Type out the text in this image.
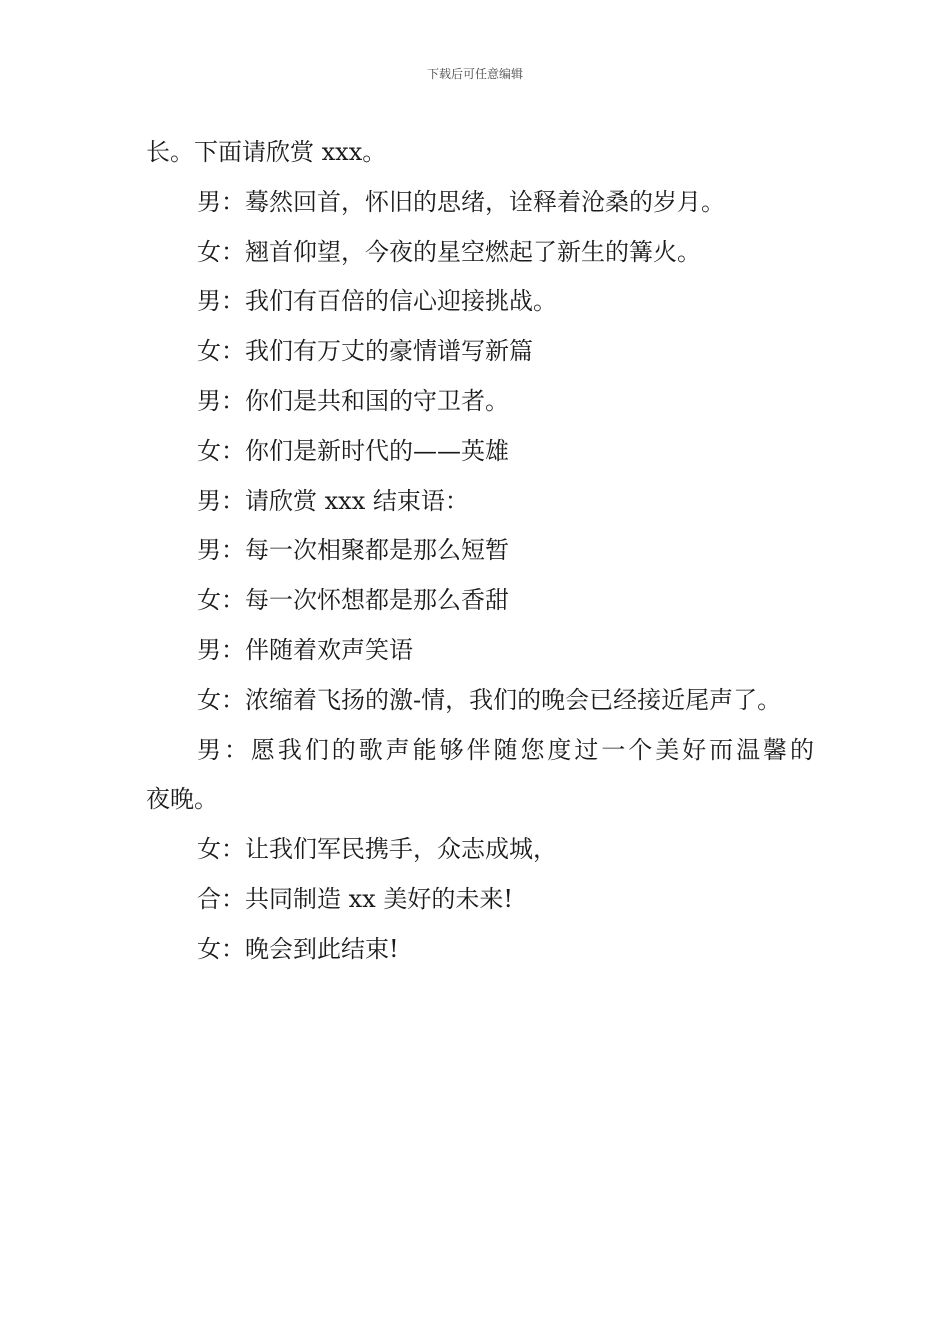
下载后可任意编辑

长。下面请欣赏 xxx。

男：蓦然回首，怀旧的思绪，诠释着沧桑的岁月。

女：翘首仰望，今夜的星空燃起了新生的篝火。

男：我们有百倍的信心迎接挑战。

女：我们有万丈的豪情谱写新篇

男：你们是共和国的守卫者。

女：你们是新时代的——英雄

男：请欣赏 xxx 结束语：

男：每一次相聚都是那么短暂

女：每一次怀想都是那么香甜

男：伴随着欢声笑语

女：浓缩着飞扬的激-情，我们的晚会已经接近尾声了。

男：愿我们的歌声能够伴随您度过一个美好而温馨的

夜晚。

女：让我们军民携手，众志成城，

合：共同制造 xx 美好的未来!

女：晚会到此结束!
